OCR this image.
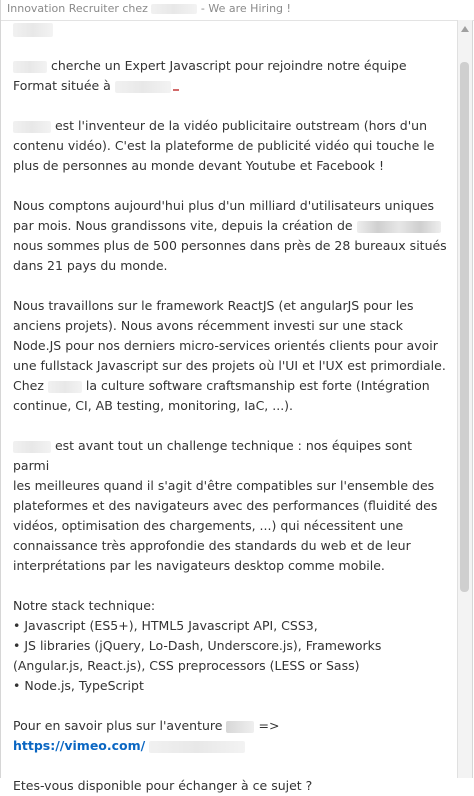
Innovation Recruiter chez	- We are Hiring !

cherche un Expert Javascript pour rejoindre notre équipe
Format située à

est l'inventeur de la vidéo publicitaire outstream (hors d'un
contenu vidéo). C'est la plateforme de publicité vidéo qui touche le
plus de personnes au monde devant Youtube et Facebook !

Nous comptons aujourd'hui plus d'un milliard d'utilisateurs uniques
par mois. Nous grandissons vite, depuis la création de
nous sommes plus de 500 personnes dans près de 28 bureaux situés
dans 21 pays du monde.

Nous travaillons sur le framework ReactJS (et angularJS pour les
anciens projets). Nous avons récemment investi sur une stack
Node.JS pour nos derniers micro-services orientés clients pour avoir
une fullstack Javascript sur des projets où l'UI et l'UX est primordiale.
Chez	la culture software craftsmanship est forte (Intégration
continue, CI, AB testing, monitoring, IaC, ...).

est avant tout un challenge technique : nos équipes sont parmi
les meilleures quand il s'agit d'être compatibles sur l'ensemble des
plateformes et des navigateurs avec des performances (fluidité des
vidéos, optimisation des chargements, ...) qui nécessitent une
connaissance très approfondie des standards du web et de leur
interprétations par les navigateurs desktop comme mobile.

Notre stack technique:
• Javascript (ES5+), HTML5 Javascript API, CSS3,
• JS libraries (jQuery, Lo-Dash, Underscore.js), Frameworks
(Angular.js, React.js), CSS preprocessors (LESS or Sass)
• Node.js, TypeScript

Pour en savoir plus sur l'aventure	=>
https://vimeo.com/

Etes-vous disponible pour échanger à ce sujet ?
